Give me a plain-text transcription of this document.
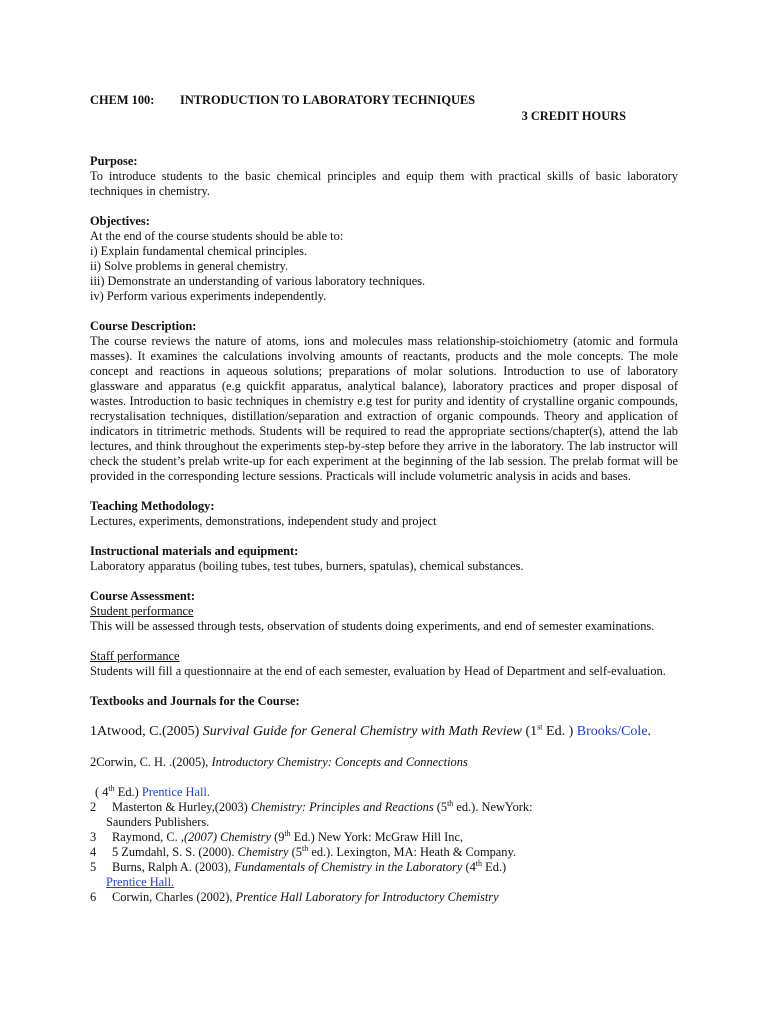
CHEM 100: INTRODUCTION TO LABORATORY TECHNIQUES
3 CREDIT HOURS
Purpose:
To introduce students to the basic chemical principles and equip them with practical skills of basic laboratory techniques in chemistry.
Objectives:
At the end of the course students should be able to:
i) Explain fundamental chemical principles.
ii) Solve problems in general chemistry.
iii) Demonstrate an understanding of various laboratory techniques.
iv) Perform various experiments independently.
Course Description:
The course reviews the nature of atoms, ions and molecules mass relationship-stoichiometry (atomic and formula masses). It examines the calculations involving amounts of reactants, products and the mole concepts. The mole concept and reactions in aqueous solutions; preparations of molar solutions. Introduction to use of laboratory glassware and apparatus (e.g quickfit apparatus, analytical balance), laboratory practices and proper disposal of wastes. Introduction to basic techniques in chemistry e.g test for purity and identity of crystalline organic compounds, recrystalisation techniques, distillation/separation and extraction of organic compounds. Theory and application of indicators in titrimetric methods. Students will be required to read the appropriate sections/chapter(s), attend the lab lectures, and think throughout the experiments step-by-step before they arrive in the laboratory. The lab instructor will check the student’s prelab write-up for each experiment at the beginning of the lab session. The prelab format will be provided in the corresponding lecture sessions. Practicals will include volumetric analysis in acids and bases.
Teaching Methodology:
Lectures, experiments, demonstrations, independent study and project
Instructional materials and equipment:
Laboratory apparatus (boiling tubes, test tubes, burners, spatulas), chemical substances.
Course Assessment:
Student performance
This will be assessed through tests, observation of students doing experiments, and end of semester examinations.
Staff performance
Students will fill a questionnaire at the end of each semester, evaluation by Head of Department and self-evaluation.
Textbooks and Journals for the Course:
1Atwood, C.(2005) Survival Guide for General Chemistry with Math Review (1st Ed. ) Brooks/Cole.
2Corwin, C. H. .(2005), Introductory Chemistry: Concepts and Connections
( 4th Ed.) Prentice Hall.
2	Masterton & Hurley,(2003) Chemistry: Principles and Reactions (5th ed.). NewYork:
Saunders Publishers.
3	Raymond, C. ,(2007) Chemistry (9th Ed.) New York: McGraw Hill Inc,
4	5 Zumdahl, S. S. (2000). Chemistry (5th ed.). Lexington, MA: Heath & Company.
5	Burns, Ralph A. (2003), Fundamentals of Chemistry in the Laboratory (4th Ed.)
Prentice Hall.
6	Corwin, Charles (2002), Prentice Hall Laboratory for Introductory Chemistry
